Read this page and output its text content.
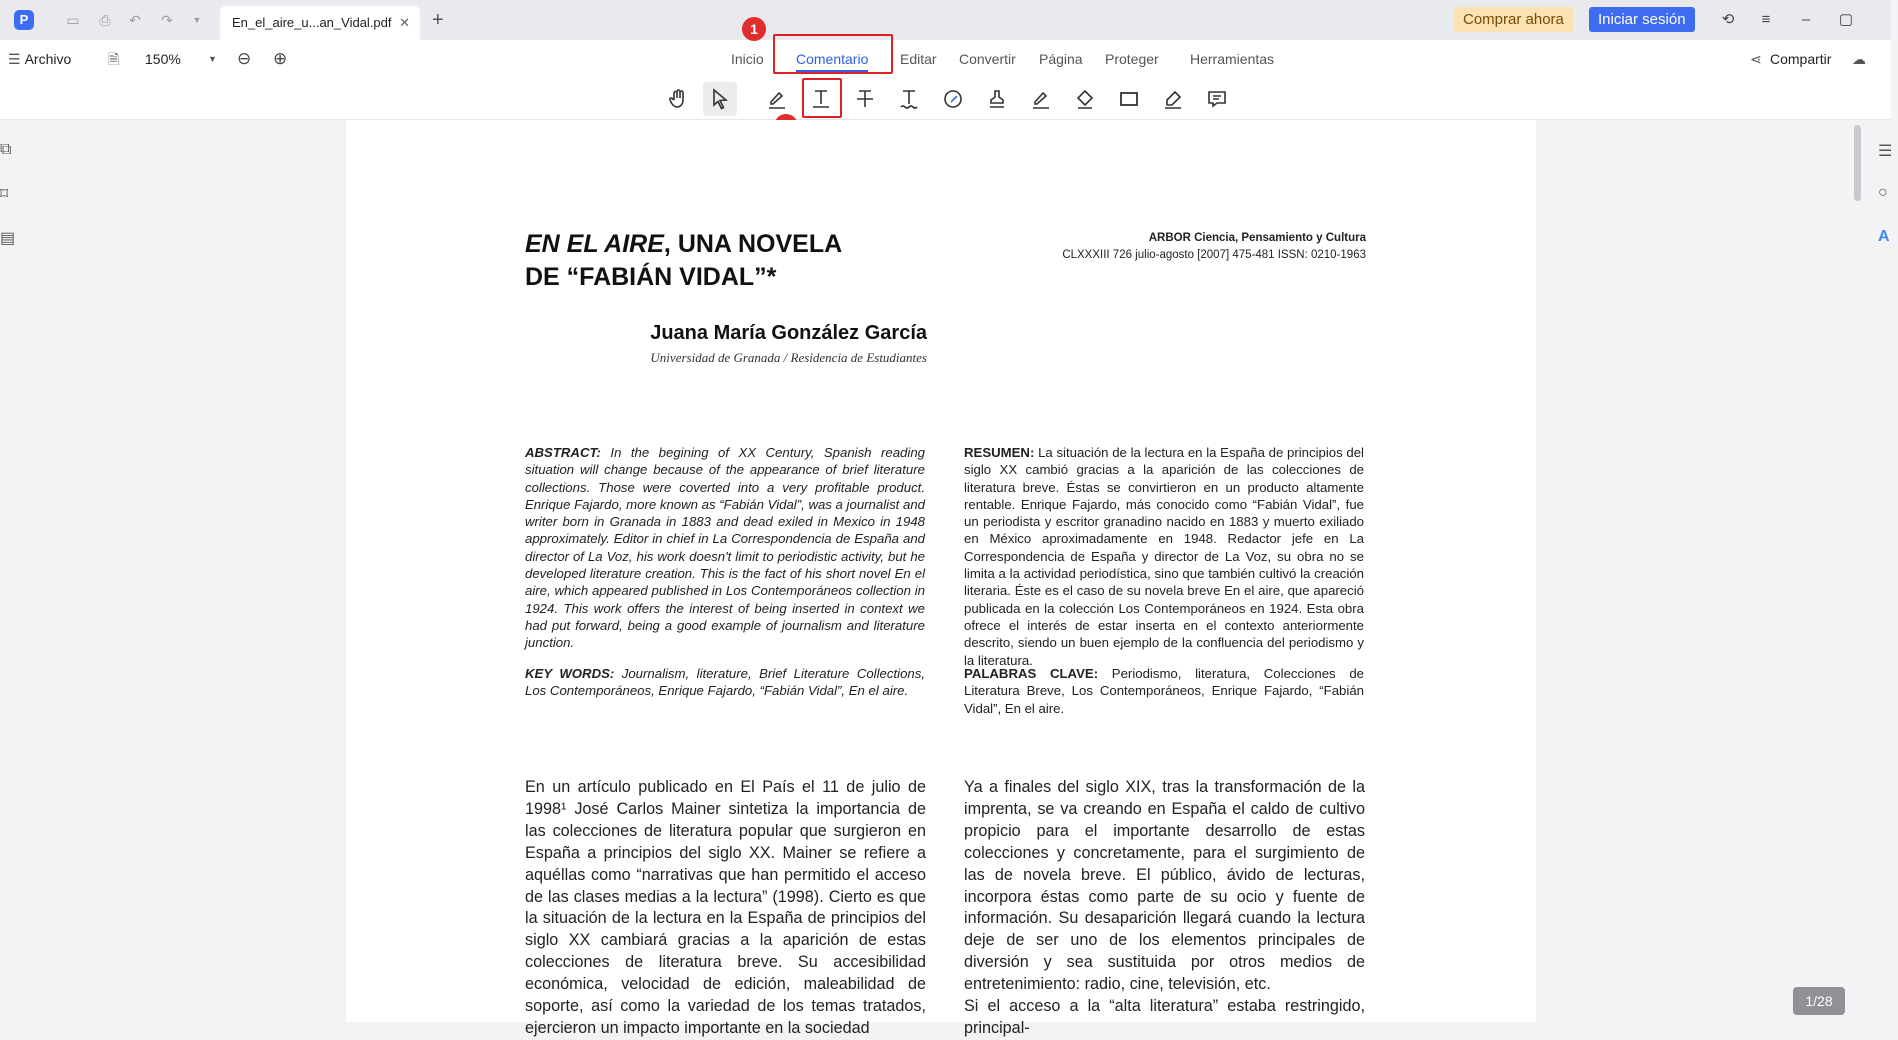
P	▭ ⎙ ↶ ↷	▼	En_el_aire_u...an_Vidal.pdf ✕ +	Comprar ahora	Iniciar sesión	⟲	≡	–	▢
☰ Archivo	🗎 150%	▼ ⊖ ⊕	Inicio Comentario Editar Convertir Página Proteger Herramientas	⋖ Compartir ☁
1
⧉
⌑
▤
☰
○
A
EN EL AIRE, UNA NOVELA
DE “FABIÁN VIDAL”*
ARBOR Ciencia, Pensamiento y Cultura
CLXXXIII 726 julio-agosto [2007] 475-481 ISSN: 0210-1963
Juana María González García
Universidad de Granada / Residencia de Estudiantes
ABSTRACT: In the begining of XX Century, Spanish reading situation will change because of the appearance of brief literature collections. Those were coverted into a very profitable product. Enrique Fajardo, more known as “Fabián Vidal”, was a journalist and writer born in Granada in 1883 and dead exiled in Mexico in 1948 approximately. Editor in chief in La Correspondencia de España and director of La Voz, his work doesn't limit to periodistic activity, but he developed literature creation. This is the fact of his short novel En el aire, which appeared published in Los Contemporáneos collection in 1924. This work offers the interest of being inserted in context we had put forward, being a good example of journalism and literature junction.
KEY WORDS: Journalism, literature, Brief Literature Collections, Los Contemporáneos, Enrique Fajardo, “Fabián Vidal”, En el aire.
RESUMEN: La situación de la lectura en la España de principios del siglo XX cambió gracias a la aparición de las colecciones de literatura breve. Éstas se convirtieron en un producto altamente rentable. Enrique Fajardo, más conocido como “Fabián Vidal”, fue un periodista y escritor granadino nacido en 1883 y muerto exiliado en México aproximadamente en 1948. Redactor jefe en La Correspondencia de España y director de La Voz, su obra no se limita a la actividad periodística, sino que también cultivó la creación literaria. Éste es el caso de su novela breve En el aire, que apareció publicada en la colección Los Contemporáneos en 1924. Esta obra ofrece el interés de estar inserta en el contexto anteriormente descrito, siendo un buen ejemplo de la confluencia del periodismo y la literatura.
PALABRAS CLAVE: Periodismo, literatura, Colecciones de Literatura Breve, Los Contemporáneos, Enrique Fajardo, “Fabián Vidal”, En el aire.
En un artículo publicado en El País el 11 de julio de 1998¹ José Carlos Mainer sintetiza la importancia de las colecciones de literatura popular que surgieron en España a principios del siglo XX. Mainer se refiere a aquéllas como “narrativas que han permitido el acceso de las clases medias a la lectura” (1998). Cierto es que la situación de la lectura en la España de principios del siglo XX cambiará gracias a la aparición de estas colecciones de literatura breve. Su accesibilidad económica, velocidad de edición, maleabilidad de soporte, así como la variedad de los temas tratados, ejercieron un impacto importante en la sociedad
Ya a finales del siglo XIX, tras la transformación de la imprenta, se va creando en España el caldo de cultivo propicio para el importante desarrollo de estas colecciones y concretamente, para el surgimiento de las de novela breve. El público, ávido de lecturas, incorpora éstas como parte de su ocio y fuente de información. Su desaparición llegará cuando la lectura deje de ser uno de los elementos principales de diversión y sea sustituida por otros medios de entretenimiento: radio, cine, televisión, etc.
Si el acceso a la “alta literatura” estaba restringido, principal-
1/28
